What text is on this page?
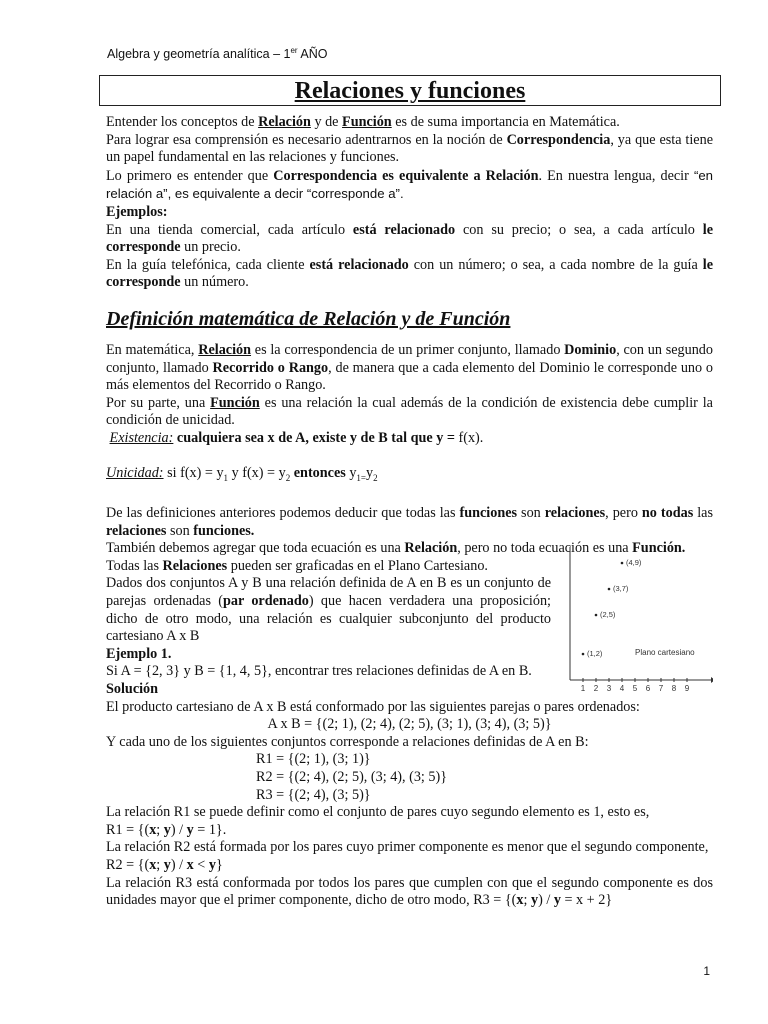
Algebra y geometría analítica – 1er AÑO
Relaciones y funciones

Entender los conceptos de Relación y de Función es de suma importancia en Matemática.
Para lograr esa comprensión es necesario adentrarnos en la noción de Correspondencia, ya que esta tiene un papel fundamental en las relaciones y funciones.
Lo primero es entender que Correspondencia es equivalente a Relación. En nuestra lengua, decir “en relación a”, es equivalente a decir “corresponde a”.

Ejemplos:

En una tienda comercial, cada artículo está relacionado con su precio; o sea, a cada artículo le corresponde un precio.

En la guía telefónica, cada cliente está relacionado con un número; o sea, a cada nombre de la guía le corresponde un número.

Definición matemática de Relación y de Función

En matemática, Relación es la correspondencia de un primer conjunto, llamado Dominio, con un segundo conjunto, llamado Recorrido o Rango, de manera que a cada elemento del Dominio le corresponde uno o más elementos del Recorrido o Rango.

Por su parte, una Función es una relación la cual además de la condición de existencia debe cumplir la condición de unicidad.

Existencia: cualquiera sea x de A, existe y de B tal que y = f(x).

Unicidad: si $f(x) = y_1$ y $f(x) = y_2$ entonces $y_{1=}y_2$

De las definiciones anteriores podemos deducir que todas las funciones son relaciones, pero no todas las relaciones son funciones.

También debemos agregar que toda ecuación es una Relación, pero no toda ecuación es una Función.

Todas las Relaciones pueden ser graficadas en el Plano Cartesiano.

Dados dos conjuntos A y B una relación definida de A en B es un conjunto de parejas ordenadas (par ordenado) que hacen verdadera una proposición; dicho de otro modo, una relación es cualquier subconjunto del producto cartesiano A x B

Ejemplo 1.

Si A = {2, 3} y B = {1, 4, 5}, encontrar tres relaciones definidas de A en B.

Solución

El producto cartesiano de A x B está conformado por las siguientes parejas o pares ordenados:

A x B = {(2; 1), (2; 4), (2; 5), (3; 1), (3; 4), (3; 5)}

Y cada uno de los siguientes conjuntos corresponde a relaciones definidas de A en B:

R1 = {(2; 1), (3; 1)}

R2 = {(2; 4), (2; 5), (3; 4), (3; 5)}

R3 = {(2; 4), (3; 5)}

La relación R1 se puede definir como el conjunto de pares cuyo segundo elemento es 1, esto es,

R1 = {(x; y) / y = 1}.

La relación R2 está formada por los pares cuyo primer componente es menor que el segundo componente,

R2 = {(x; y) / x < y}

La relación R3 está conformada por todos los pares que cumplen con que el segundo componente es dos unidades mayor que el primer componente, dicho de otro modo, R3 = {(x; y) / y = x + 2}

1 2 3 4 5 6 7 8 9
(1,2)
(2,5)
(3,7)
(4,9)
Plano cartesiano
1
